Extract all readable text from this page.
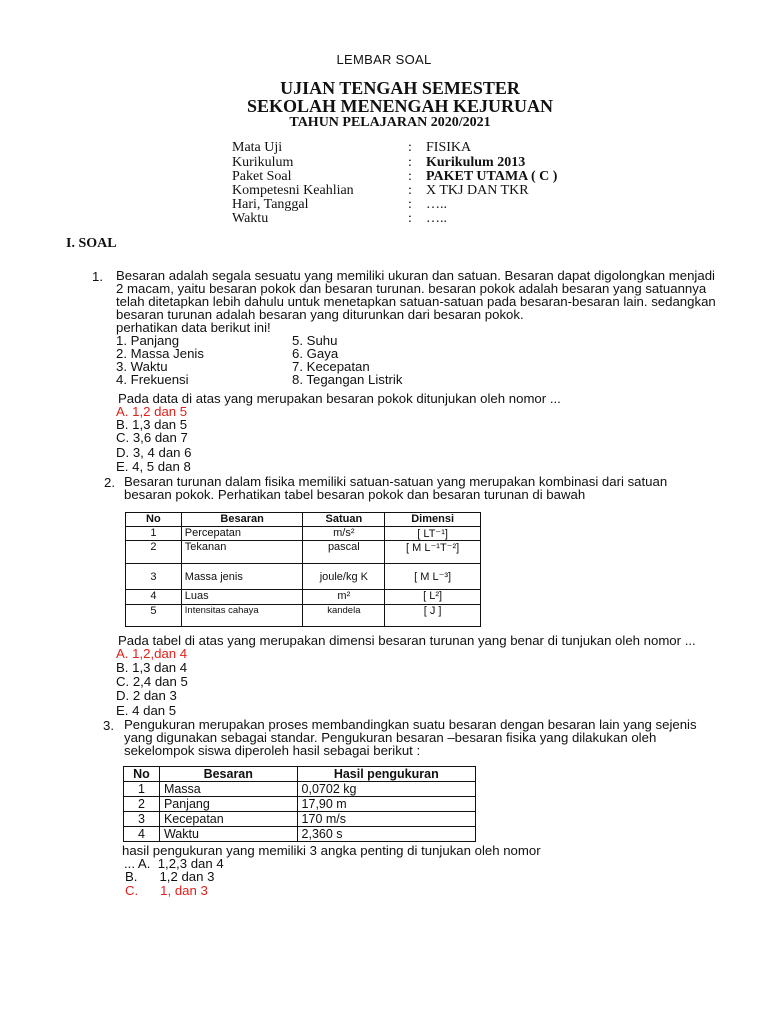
LEMBAR SOAL
UJIAN TENGAH SEMESTER
SEKOLAH MENENGAH KEJURUAN
TAHUN PELAJARAN 2020/2021
Mata Uji	: FISIKA
Kurikulum	: Kurikulum 2013
Paket Soal	: PAKET UTAMA ( C )
Kompetesni Keahlian	: X TKJ DAN TKR
Hari, Tanggal	: …..
Waktu	: …..
I. SOAL
1. Besaran adalah segala sesuatu yang memiliki ukuran dan satuan. Besaran dapat digolongkan menjadi
2 macam, yaitu besaran pokok dan besaran turunan. besaran pokok adalah besaran yang satuannya
telah ditetapkan lebih dahulu untuk menetapkan satuan-satuan pada besaran-besaran lain. sedangkan
besaran turunan adalah besaran yang diturunkan dari besaran pokok.
perhatikan data berikut ini!
1. Panjang
2. Massa Jenis
3. Waktu
4. Frekuensi
5. Suhu
6. Gaya
7. Kecepatan
8. Tegangan Listrik
Pada data di atas yang merupakan besaran pokok ditunjukan oleh nomor ...
A. 1,2 dan 5
B. 1,3 dan 5
C. 3,6 dan 7
D. 3, 4 dan 6
E. 4, 5 dan 8
2. Besaran turunan dalam fisika memiliki satuan-satuan yang merupakan kombinasi dari satuan
besaran pokok. Perhatikan tabel besaran pokok dan besaran turunan di bawah
No	Besaran	Satuan	Dimensi
1	Percepatan	m/s²	[ LT⁻¹]
2	Tekanan	pascal	[ M L⁻¹T⁻²]
3	Massa jenis	joule/kg K	[ M L⁻³]
4	Luas	m²	[ L²]
5	Intensitas cahaya	kandela	[ J ]
Pada tabel di atas yang merupakan dimensi besaran turunan yang benar di tunjukan oleh nomor ...
A. 1,2,dan 4
B. 1,3 dan 4
C. 2,4 dan 5
D. 2 dan 3
E. 4 dan 5
3. Pengukuran merupakan proses membandingkan suatu besaran dengan besaran lain yang sejenis
yang digunakan sebagai standar. Pengukuran besaran –besaran fisika yang dilakukan oleh
sekelompok siswa diperoleh hasil sebagai berikut :
No	Besaran	Hasil pengukuran
1	Massa	0,0702 kg
2	Panjang	17,90 m
3	Kecepatan	170 m/s
4	Waktu	2,360 s
hasil pengukuran yang memiliki 3 angka penting di tunjukan oleh nomor
... A.  1,2,3 dan 4
B.      1,2 dan 3
C.      1, dan 3
